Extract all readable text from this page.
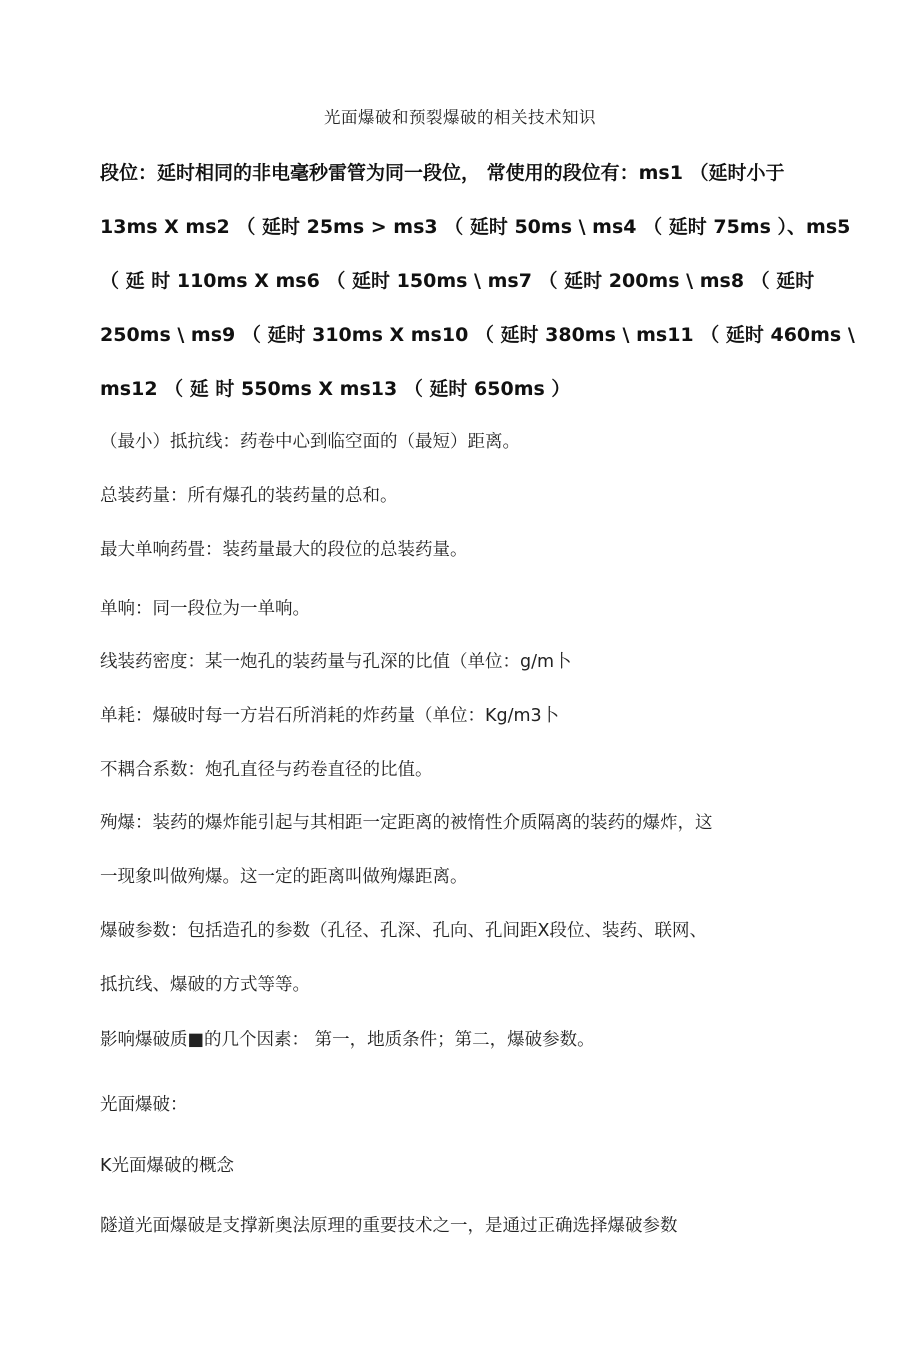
光面爆破和预裂爆破的相关技术知识
段位：延时相同的非电毫秒雷管为同一段位， 常使用的段位有：ms1 （延时小于
13ms X ms2 （ 延时 25ms > ms3 （ 延时 50ms \ ms4 （ 延时 75ms ）、ms5
（ 延 时 110ms X ms6 （ 延时 150ms \ ms7 （ 延时 200ms \ ms8 （ 延时
250ms \ ms9 （ 延时 310ms X ms10 （ 延时 380ms \ ms11 （ 延时 460ms \
ms12 （ 延 时 550ms X ms13 （ 延时 650ms ）
（最小）抵抗线：药卷中心到临空面的（最短）距离。
总装药量：所有爆孔的装药量的总和。
最大单响药畳：装药量最大的段位的总装药量。
单响：同一段位为一单响。
线装药密度：某一炮孔的装药量与孔深的比值（单位：g/m卜
单耗：爆破时每一方岩石所消耗的炸药量（单位：Kg/m3卜
不耦合系数：炮孔直径与药卷直径的比值。
殉爆：装药的爆炸能引起与其相距一定距离的被惰性介质隔离的装药的爆炸，这
一现象叫做殉爆。这一定的距离叫做殉爆距离。
爆破参数：包括造孔的参数（孔径、孔深、孔向、孔间距X段位、装药、联网、
抵抗线、爆破的方式等等。
影响爆破质■的几个因素： 第一，地质条件；第二，爆破参数。
光面爆破：
K光面爆破的概念
隧道光面爆破是支撑新奥法原理的重要技术之一，是通过正确选择爆破参数
